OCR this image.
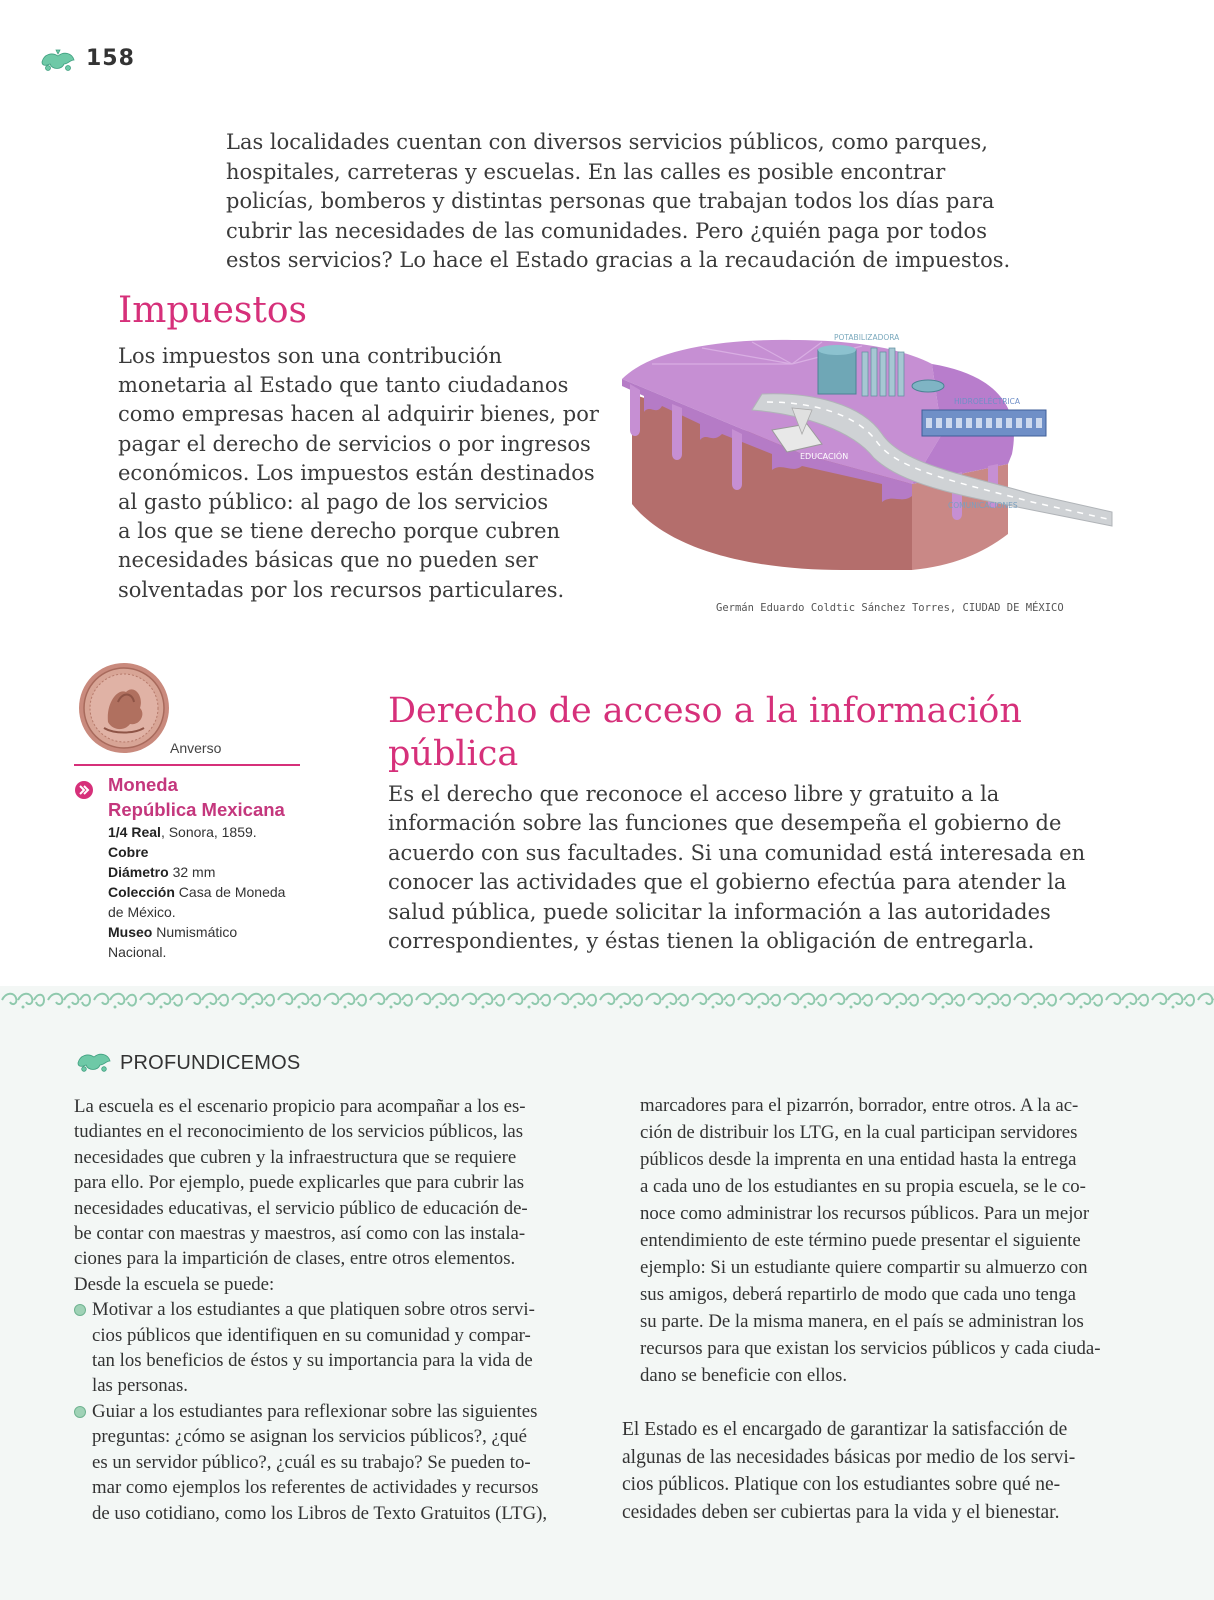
158
Las localidades cuentan con diversos servicios públicos, como parques,
hospitales, carreteras y escuelas. En las calles es posible encontrar
policías, bomberos y distintas personas que trabajan todos los días para
cubrir las necesidades de las comunidades. Pero ¿quién paga por todos
estos servicios? Lo hace el Estado gracias a la recaudación de impuestos.
Impuestos
Los impuestos son una contribución
monetaria al Estado que tanto ciudadanos
como empresas hacen al adquirir bienes, por
pagar el derecho de servicios o por ingresos
económicos. Los impuestos están destinados
al gasto público: al pago de los servicios
a los que se tiene derecho porque cubren
necesidades básicas que no pueden ser
solventadas por los recursos particulares.
POTABILIZADORA
HIDROELÉCTRICA
EDUCACIÓN
COMUNICACIONES
Germán Eduardo Coldtic Sánchez Torres, CIUDAD DE MÉXICO
Anverso
Moneda
República Mexicana
1/4 Real, Sonora, 1859.
Cobre
Diámetro 32 mm
Colección Casa de Moneda
de México.
Museo Numismático
Nacional.
Derecho de acceso a la información
pública
Es el derecho que reconoce el acceso libre y gratuito a la
información sobre las funciones que desempeña el gobierno de
acuerdo con sus facultades. Si una comunidad está interesada en
conocer las actividades que el gobierno efectúa para atender la
salud pública, puede solicitar la información a las autoridades
correspondientes, y éstas tienen la obligación de entregarla.
PROFUNDICEMOS
La escuela es el escenario propicio para acompañar a los es-
tudiantes en el reconocimiento de los servicios públicos, las
necesidades que cubren y la infraestructura que se requiere
para ello. Por ejemplo, puede explicarles que para cubrir las
necesidades educativas, el servicio público de educación de-
be contar con maestras y maestros, así como con las instala-
ciones para la impartición de clases, entre otros elementos.
Desde la escuela se puede:
Motivar a los estudiantes a que platiquen sobre otros servi-
cios públicos que identifiquen en su comunidad y compar-
tan los beneficios de éstos y su importancia para la vida de
las personas.
Guiar a los estudiantes para reflexionar sobre las siguientes
preguntas: ¿cómo se asignan los servicios públicos?, ¿qué
es un servidor público?, ¿cuál es su trabajo? Se pueden to-
mar como ejemplos los referentes de actividades y recursos
de uso cotidiano, como los Libros de Texto Gratuitos (LTG),
marcadores para el pizarrón, borrador, entre otros. A la ac-
ción de distribuir los LTG, en la cual participan servidores
públicos desde la imprenta en una entidad hasta la entrega
a cada uno de los estudiantes en su propia escuela, se le co-
noce como administrar los recursos públicos. Para un mejor
entendimiento de este término puede presentar el siguiente
ejemplo: Si un estudiante quiere compartir su almuerzo con
sus amigos, deberá repartirlo de modo que cada uno tenga
su parte. De la misma manera, en el país se administran los
recursos para que existan los servicios públicos y cada ciuda-
dano se beneficie con ellos.
El Estado es el encargado de garantizar la satisfacción de
algunas de las necesidades básicas por medio de los servi-
cios públicos. Platique con los estudiantes sobre qué ne-
cesidades deben ser cubiertas para la vida y el bienestar.
